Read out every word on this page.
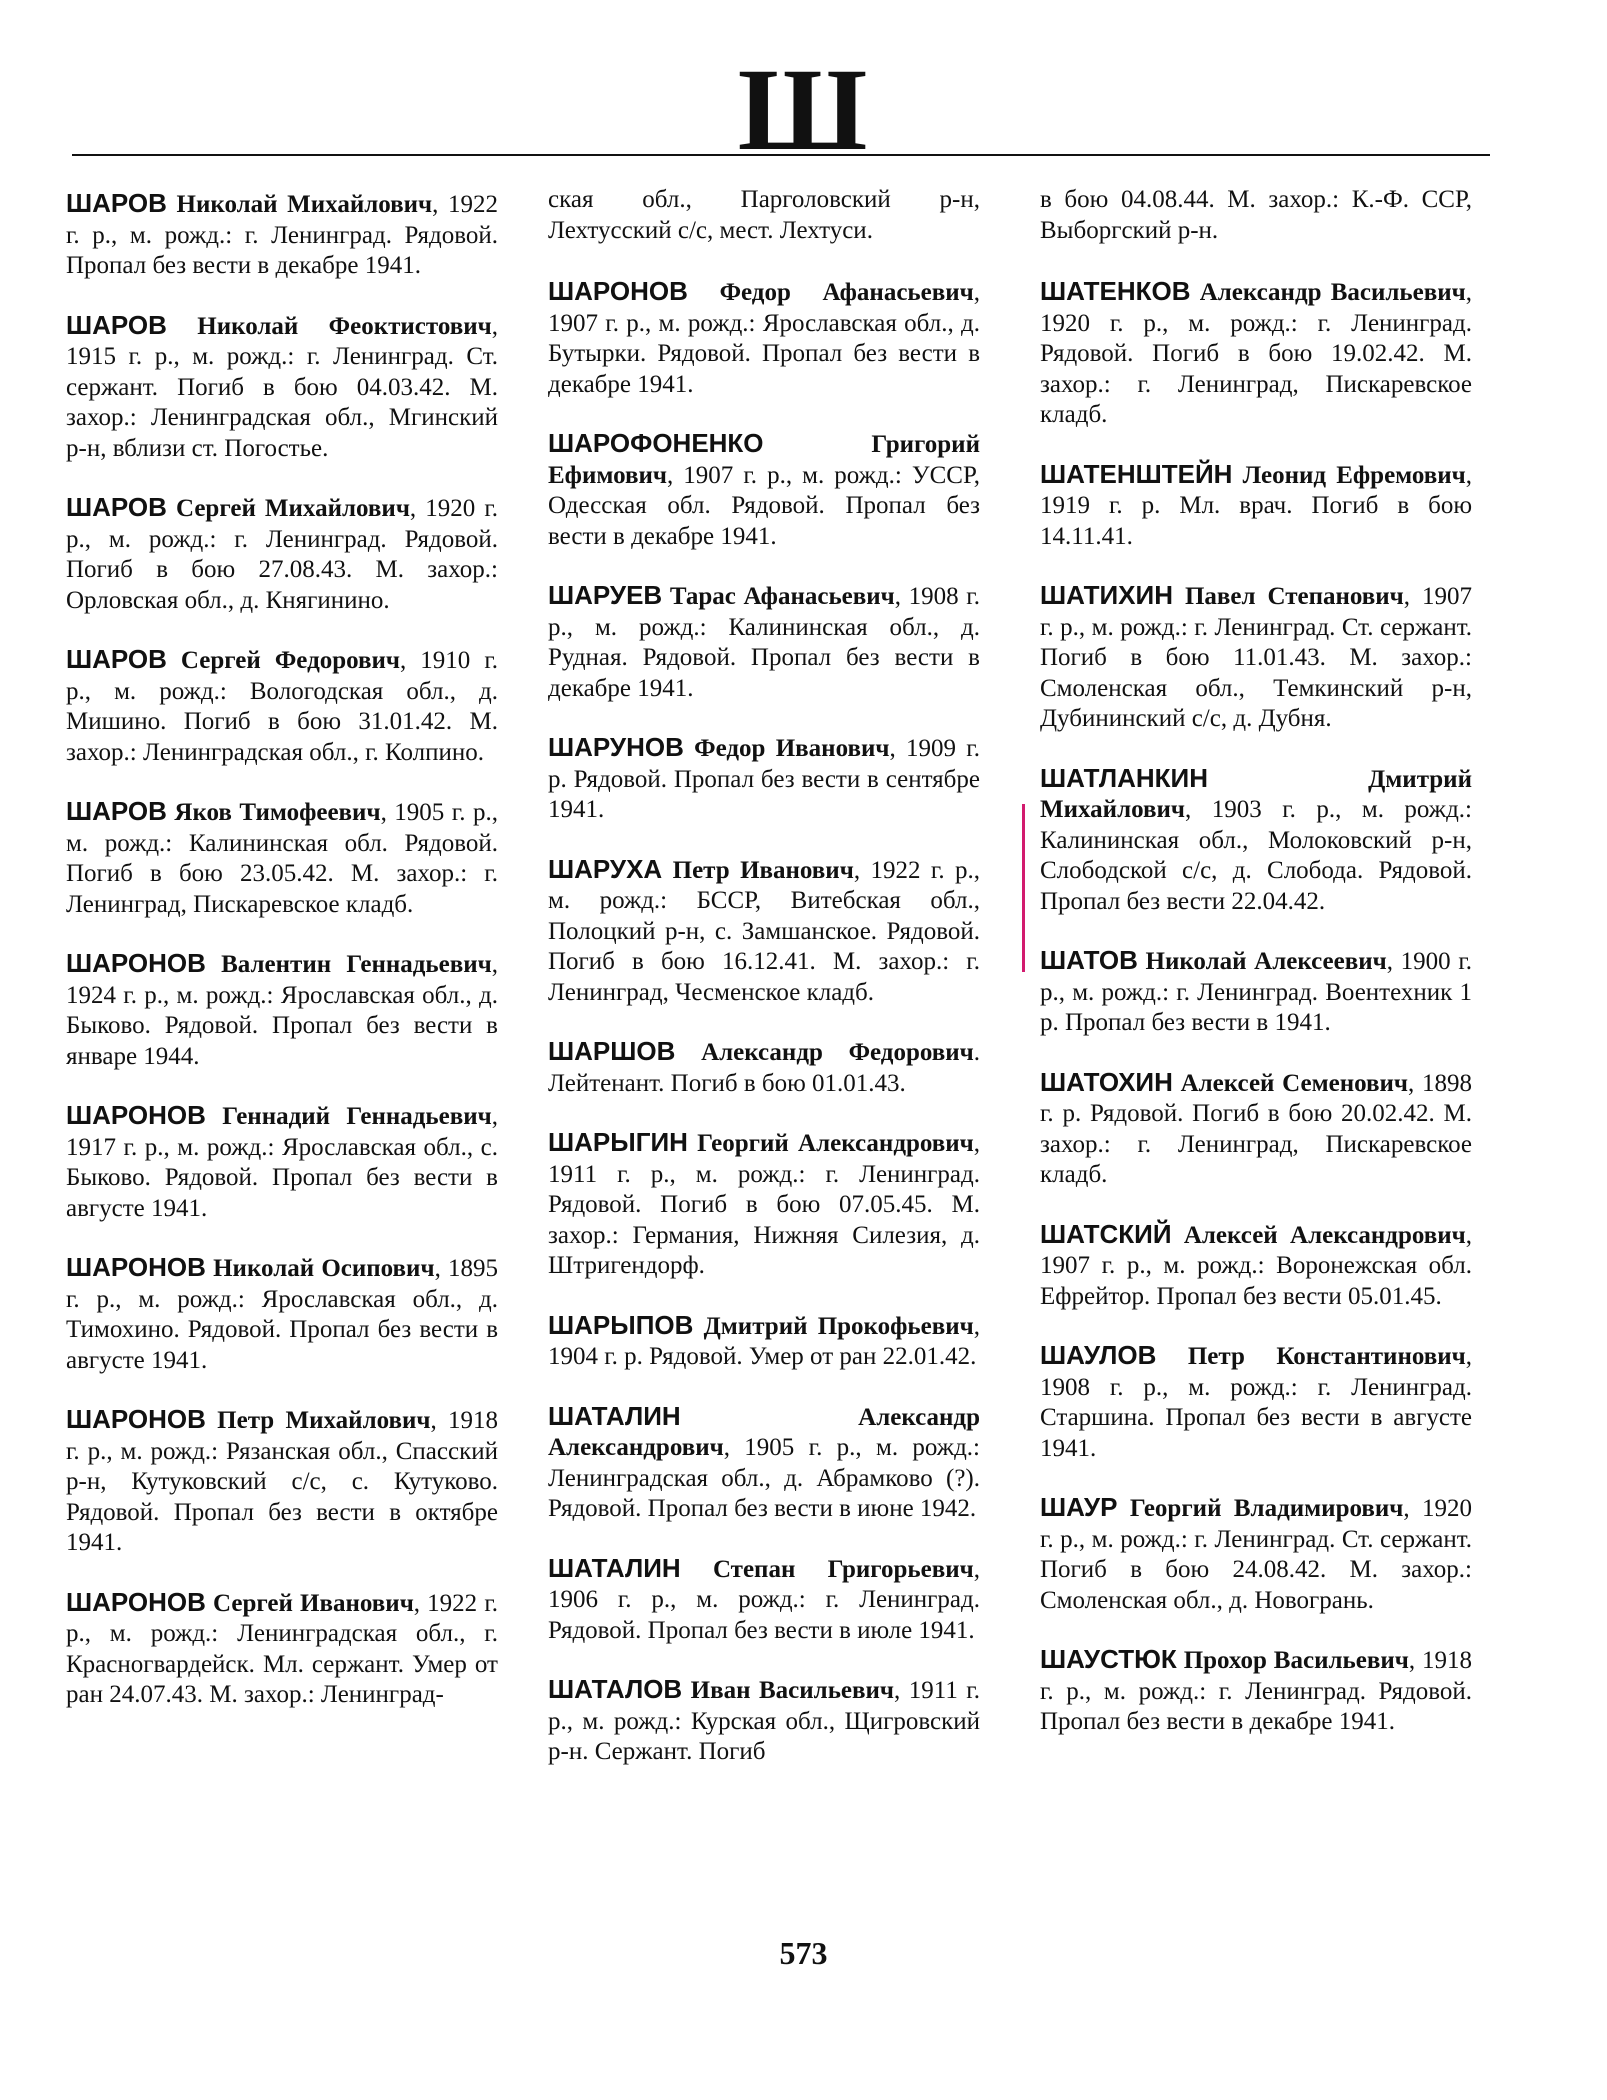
Ш

ШАРОВ Николай Михайлович, 1922 г. р., м. рожд.: г. Ленинград. Рядовой. Пропал без вести в декабре 1941.

ШАРОВ Николай Феоктистович, 1915 г. р., м. рожд.: г. Ленинград. Ст. сержант. Погиб в бою 04.03.42. М. захор.: Ленинградская обл., Мгинский р-н, вблизи ст. Погостье.

ШАРОВ Сергей Михайлович, 1920 г. р., м. рожд.: г. Ленинград. Рядовой. Погиб в бою 27.08.43. М. захор.: Орловская обл., д. Княгинино.

ШАРОВ Сергей Федорович, 1910 г. р., м. рожд.: Вологодская обл., д. Мишино. Погиб в бою 31.01.42. М. захор.: Ленинградская обл., г. Колпино.

ШАРОВ Яков Тимофеевич, 1905 г. р., м. рожд.: Калининская обл. Рядовой. Погиб в бою 23.05.42. М. захор.: г. Ленинград, Пискаревское кладб.

ШАРОНОВ Валентин Геннадьевич, 1924 г. р., м. рожд.: Ярославская обл., д. Быково. Рядовой. Пропал без вести в январе 1944.

ШАРОНОВ Геннадий Геннадьевич, 1917 г. р., м. рожд.: Ярославская обл., с. Быково. Рядовой. Пропал без вести в августе 1941.

ШАРОНОВ Николай Осипович, 1895 г. р., м. рожд.: Ярославская обл., д. Тимохино. Рядовой. Пропал без вести в августе 1941.

ШАРОНОВ Петр Михайлович, 1918 г. р., м. рожд.: Рязанская обл., Спасский р-н, Кутуковский с/с, с. Кутуково. Рядовой. Пропал без вести в октябре 1941.

ШАРОНОВ Сергей Иванович, 1922 г. р., м. рожд.: Ленинградская обл., г. Красногвардейск. Мл. сержант. Умер от ран 24.07.43. М. захор.: Ленинград-

ская обл., Парголовский р-н, Лехтусский с/с, мест. Лехтуси.

ШАРОНОВ Федор Афанасьевич, 1907 г. р., м. рожд.: Ярославская обл., д. Бутырки. Рядовой. Пропал без вести в декабре 1941.

ШАРОФОНЕНКО Григорий Ефимович, 1907 г. р., м. рожд.: УССР, Одесская обл. Рядовой. Пропал без вести в декабре 1941.

ШАРУЕВ Тарас Афанасьевич, 1908 г. р., м. рожд.: Калининская обл., д. Рудная. Рядовой. Пропал без вести в декабре 1941.

ШАРУНОВ Федор Иванович, 1909 г. р. Рядовой. Пропал без вести в сентябре 1941.

ШАРУХА Петр Иванович, 1922 г. р., м. рожд.: БССР, Витебская обл., Полоцкий р-н, с. Замшанское. Рядовой. Погиб в бою 16.12.41. М. захор.: г. Ленинград, Чесменское кладб.

ШАРШОВ Александр Федорович. Лейтенант. Погиб в бою 01.01.43.

ШАРЫГИН Георгий Александрович, 1911 г. р., м. рожд.: г. Ленинград. Рядовой. Погиб в бою 07.05.45. М. захор.: Германия, Нижняя Силезия, д. Штригендорф.

ШАРЫПОВ Дмитрий Прокофьевич, 1904 г. р. Рядовой. Умер от ран 22.01.42.

ШАТАЛИН Александр Александрович, 1905 г. р., м. рожд.: Ленинградская обл., д. Абрамково (?). Рядовой. Пропал без вести в июне 1942.

ШАТАЛИН Степан Григорьевич, 1906 г. р., м. рожд.: г. Ленинград. Рядовой. Пропал без вести в июле 1941.

ШАТАЛОВ Иван Васильевич, 1911 г. р., м. рожд.: Курская обл., Щигровский р-н. Сержант. Погиб

в бою 04.08.44. М. захор.: К.-Ф. ССР, Выборгский р-н.

ШАТЕНКОВ Александр Васильевич, 1920 г. р., м. рожд.: г. Ленинград. Рядовой. Погиб в бою 19.02.42. М. захор.: г. Ленинград, Пискаревское кладб.

ШАТЕНШТЕЙН Леонид Ефремович, 1919 г. р. Мл. врач. Погиб в бою 14.11.41.

ШАТИХИН Павел Степанович, 1907 г. р., м. рожд.: г. Ленинград. Ст. сержант. Погиб в бою 11.01.43. М. захор.: Смоленская обл., Темкинский р-н, Дубининский с/с, д. Дубня.

ШАТЛАНКИН Дмитрий Михайлович, 1903 г. р., м. рожд.: Калининская обл., Молоковский р-н, Слободской с/с, д. Слобода. Рядовой. Пропал без вести 22.04.42.

ШАТОВ Николай Алексеевич, 1900 г. р., м. рожд.: г. Ленинград. Воентехник 1 р. Пропал без вести в 1941.

ШАТОХИН Алексей Семенович, 1898 г. р. Рядовой. Погиб в бою 20.02.42. М. захор.: г. Ленинград, Пискаревское кладб.

ШАТСКИЙ Алексей Александрович, 1907 г. р., м. рожд.: Воронежская обл. Ефрейтор. Пропал без вести 05.01.45.

ШАУЛОВ Петр Константинович, 1908 г. р., м. рожд.: г. Ленинград. Старшина. Пропал без вести в августе 1941.

ШАУР Георгий Владимирович, 1920 г. р., м. рожд.: г. Ленинград. Ст. сержант. Погиб в бою 24.08.42. М. захор.: Смоленская обл., д. Новогрань.

ШАУСТЮК Прохор Васильевич, 1918 г. р., м. рожд.: г. Ленинград. Рядовой. Пропал без вести в декабре 1941.

573
